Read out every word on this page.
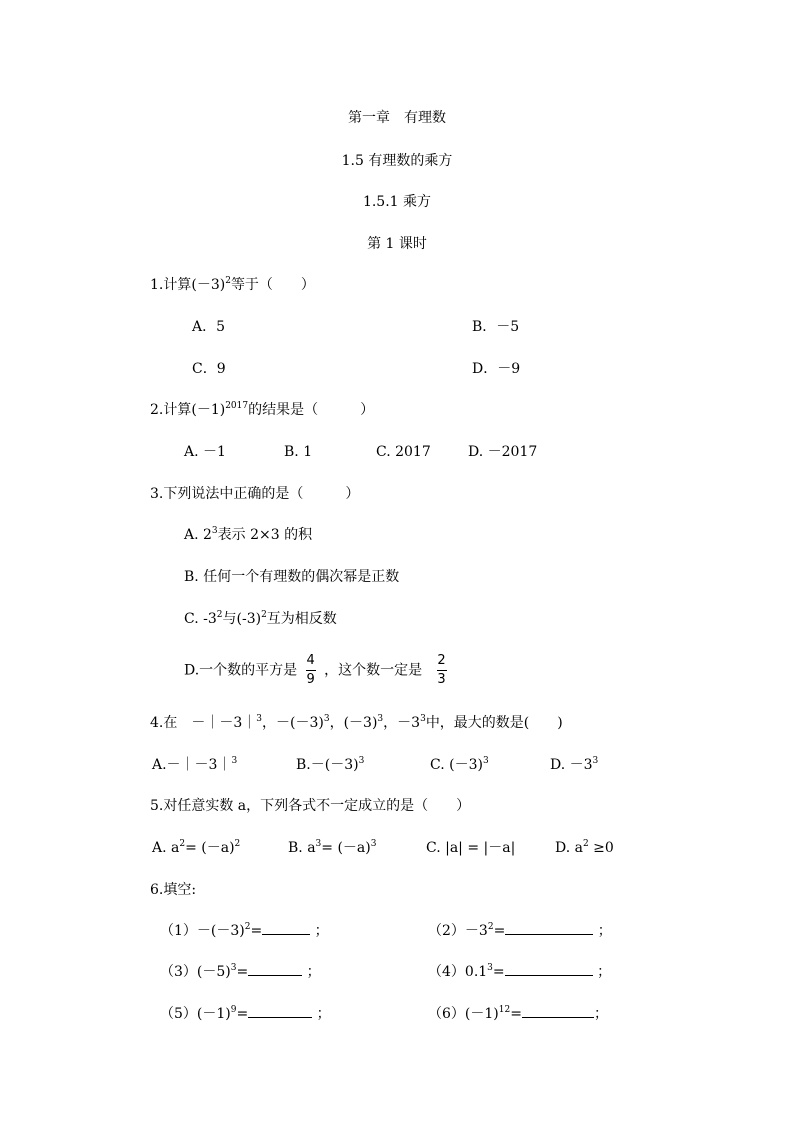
第一章　有理数
1.5 有理数的乘方
1.5.1 乘方
第 1 课时
1.计算$(-3)^2$等于（　　）
A．5	B．－5
C．9	D．－9
2.计算$(-1)^{2017}$的结果是（　　　）
A. －1	B. 1	C. 2017	D. －2017
3.下列说法中正确的是（　　　）
A. $2^3$表示 2×3 的积
B. 任何一个有理数的偶次幂是正数
C. $-3^2$与$(-3)^2$互为相反数
D.一个数的平方是 $\frac{4}{9}$ ，这个数一定是 $\frac{2}{3}$
4.在　－｜－3｜$^3$，$-(-3)^3$，$(-3)^3$，$-3^3$中，最大的数是(　　)
A.－｜－3｜$^3$	$B.-(-3)^3$	C. $(-3)^3$	D. $-3^3$
5.对任意实数 a，下列各式不一定成立的是（　　）
A. $a^2= (-a)^2$	B. $a^3= (-a)^3$	C. |a| = |－a|	D. $a^2 \ge 0$
6.填空:
$(1)-(-3)^2=$	；	$(2)-3^2=$	；
$(3)(-5)^3=$	；	$(4)0.1^3=$	；
$(5)(-1)^9=$	；	$(6)(-1)^{12}=$	；
